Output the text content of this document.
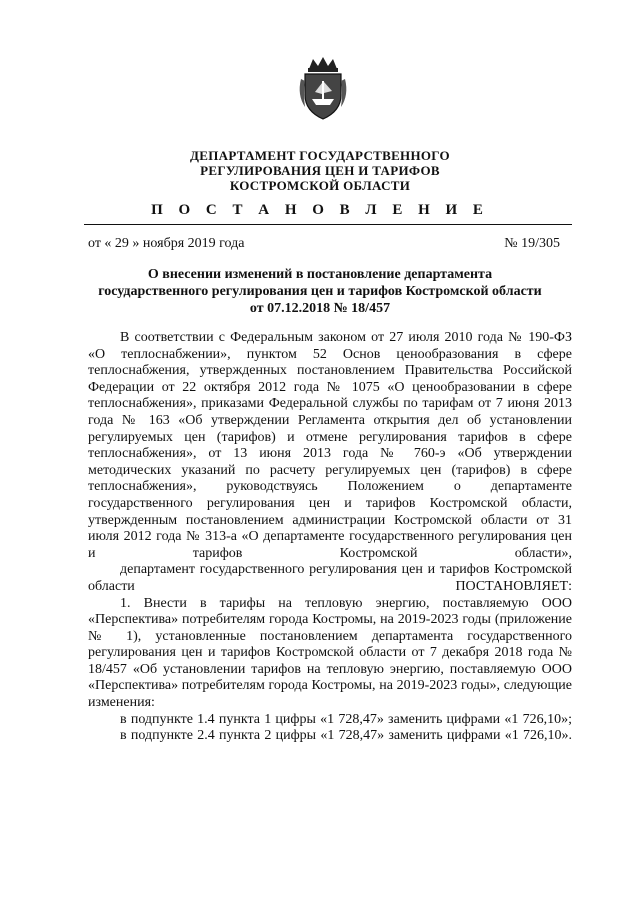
ДЕПАРТАМЕНТ ГОСУДАРСТВЕННОГО
РЕГУЛИРОВАНИЯ ЦЕН И ТАРИФОВ
КОСТРОМСКОЙ ОБЛАСТИ
П О С Т А Н О В Л Е Н И Е
от « 29 » ноября 2019 года	№ 19/305
О внесении изменений в постановление департамента
государственного регулирования цен и тарифов Костромской области
от 07.12.2018 № 18/457

В соответствии с Федеральным законом от 27 июля 2010 года № 190-ФЗ «О теплоснабжении», пунктом 52 Основ ценообразования в сфере теплоснабжения, утвержденных постановлением Правительства Российской Федерации от 22 октября 2012 года № 1075 «О ценообразовании в сфере теплоснабжения», приказами Федеральной службы по тарифам от 7 июня 2013 года № 163 «Об утверждении Регламента открытия дел об установлении регулируемых цен (тарифов) и отмене регулирования тарифов в сфере теплоснабжения», от 13 июня 2013 года № 760-э «Об утверждении методических указаний по расчету регулируемых цен (тарифов) в сфере теплоснабжения», руководствуясь Положением о департаменте государственного регулирования цен и тарифов Костромской области, утвержденным постановлением администрации Костромской области от 31 июля 2012 года № 313-а «О департаменте государственного регулирования цен и тарифов Костромской области»,

департамент государственного регулирования цен и тарифов Костромской области ПОСТАНОВЛЯЕТ:

1. Внести в тарифы на тепловую энергию, поставляемую ООО «Перспектива» потребителям города Костромы, на 2019-2023 годы (приложение № 1), установленные постановлением департамента государственного регулирования цен и тарифов Костромской области от 7 декабря 2018 года № 18/457 «Об установлении тарифов на тепловую энергию, поставляемую ООО «Перспектива» потребителям города Костромы, на 2019-2023 годы», следующие изменения:

в подпункте 1.4 пункта 1 цифры «1 728,47» заменить цифрами «1 726,10»;

в подпункте 2.4 пункта 2 цифры «1 728,47» заменить цифрами «1 726,10».
